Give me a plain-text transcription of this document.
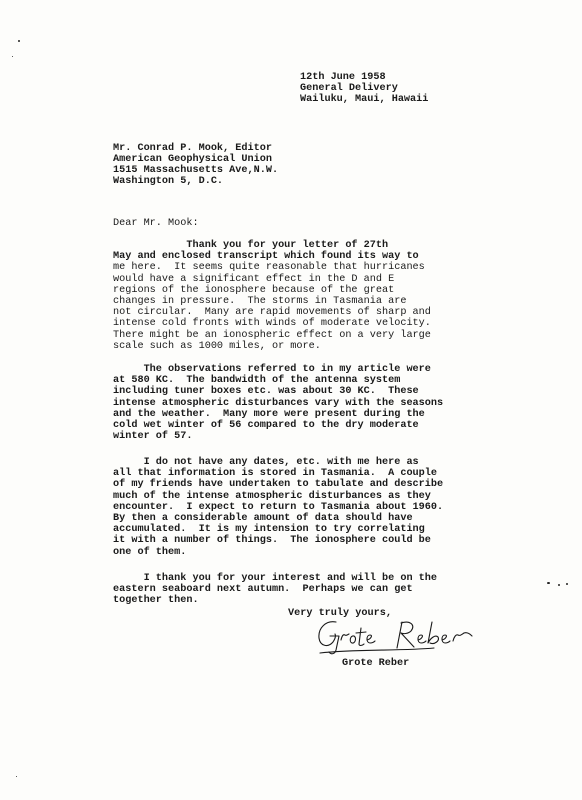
12th June 1958
General Delivery
Wailuku, Maui, Hawaii
Mr. Conrad P. Mook, Editor
American Geophysical Union
1515 Massachusetts Ave,N.W.
Washington 5, D.C.
Dear Mr. Mook:
Thank you for your letter of 27th
May and enclosed transcript which found its way to
me here.  It seems quite reasonable that hurricanes
would have a significant effect in the D and E
regions of the ionosphere because of the great
changes in pressure.  The storms in Tasmania are
not circular.  Many are rapid movements of sharp and
intense cold fronts with winds of moderate velocity.
There might be an ionospheric effect on a very large
scale such as 1000 miles, or more.
The observations referred to in my article were
at 580 KC.  The bandwidth of the antenna system
including tuner boxes etc. was about 30 KC.  These
intense atmospheric disturbances vary with the seasons
and the weather.  Many more were present during the
cold wet winter of 56 compared to the dry moderate
winter of 57.
I do not have any dates, etc. with me here as
all that information is stored in Tasmania.  A couple
of my friends have undertaken to tabulate and describe
much of the intense atmospheric disturbances as they
encounter.  I expect to return to Tasmania about 1960.
By then a considerable amount of data should have
accumulated.  It is my intension to try correlating
it with a number of things.  The ionosphere could be
one of them.
I thank you for your interest and will be on the
eastern seaboard next autumn.  Perhaps we can get
together then.
Very truly yours,
Grote Reber
